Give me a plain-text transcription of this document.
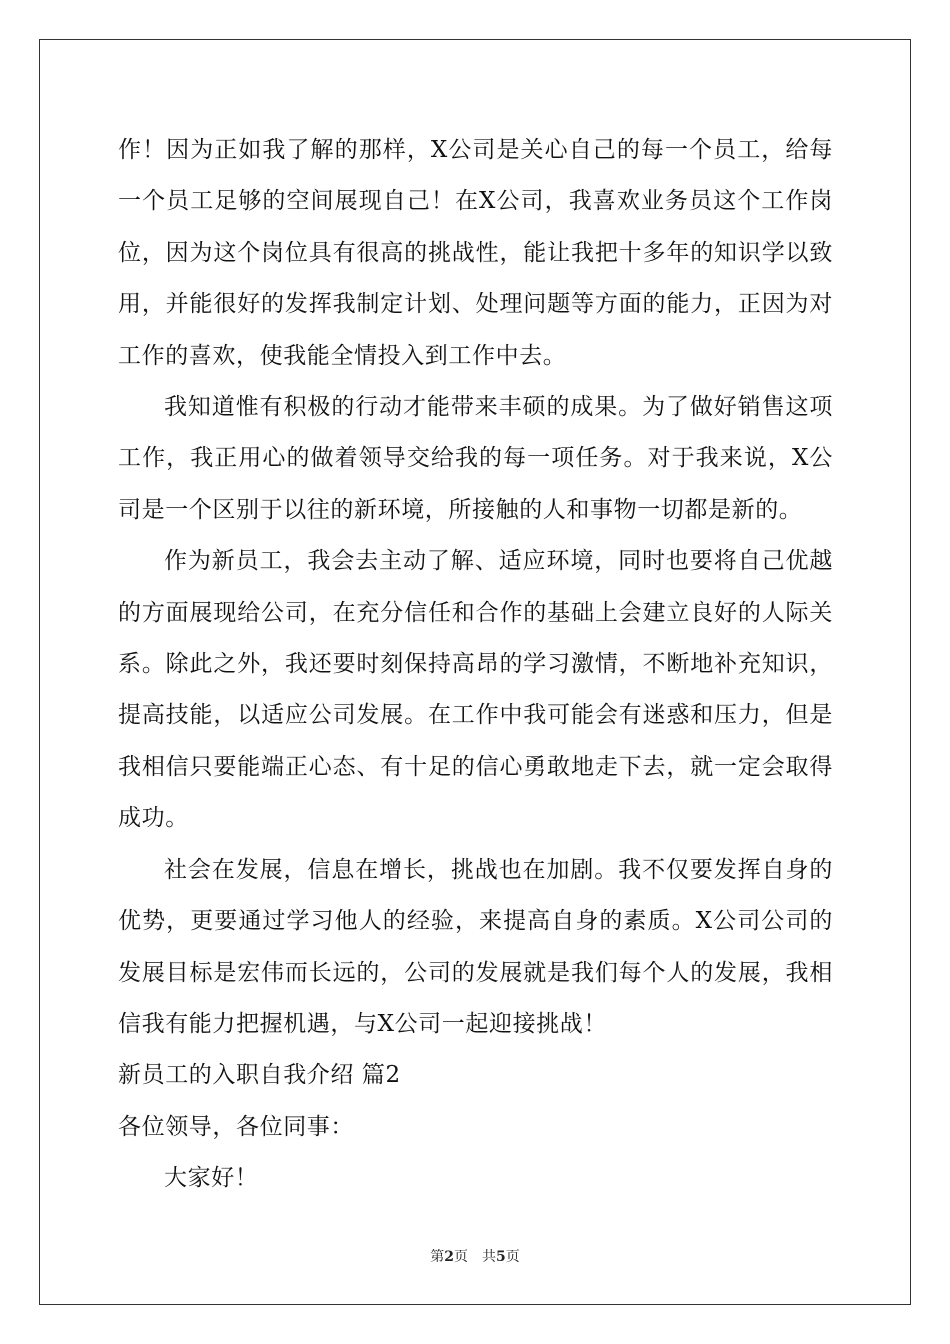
作！因为正如我了解的那样，X公司是关心自己的每一个员工，给每一个员工足够的空间展现自己！在X公司，我喜欢业务员这个工作岗位，因为这个岗位具有很高的挑战性，能让我把十多年的知识学以致用，并能很好的发挥我制定计划、处理问题等方面的能力，正因为对工作的喜欢，使我能全情投入到工作中去。

我知道惟有积极的行动才能带来丰硕的成果。为了做好销售这项工作，我正用心的做着领导交给我的每一项任务。对于我来说，X公司是一个区别于以往的新环境，所接触的人和事物一切都是新的。

作为新员工，我会去主动了解、适应环境，同时也要将自己优越的方面展现给公司，在充分信任和合作的基础上会建立良好的人际关系。除此之外，我还要时刻保持高昂的学习激情，不断地补充知识，提高技能，以适应公司发展。在工作中我可能会有迷惑和压力，但是我相信只要能端正心态、有十足的信心勇敢地走下去，就一定会取得成功。

社会在发展，信息在增长，挑战也在加剧。我不仅要发挥自身的优势，更要通过学习他人的经验，来提高自身的素质。X公司公司的发展目标是宏伟而长远的，公司的发展就是我们每个人的发展，我相信我有能力把握机遇，与X公司一起迎接挑战！

新员工的入职自我介绍 篇2

各位领导，各位同事：

大家好！

第2页　共5页
